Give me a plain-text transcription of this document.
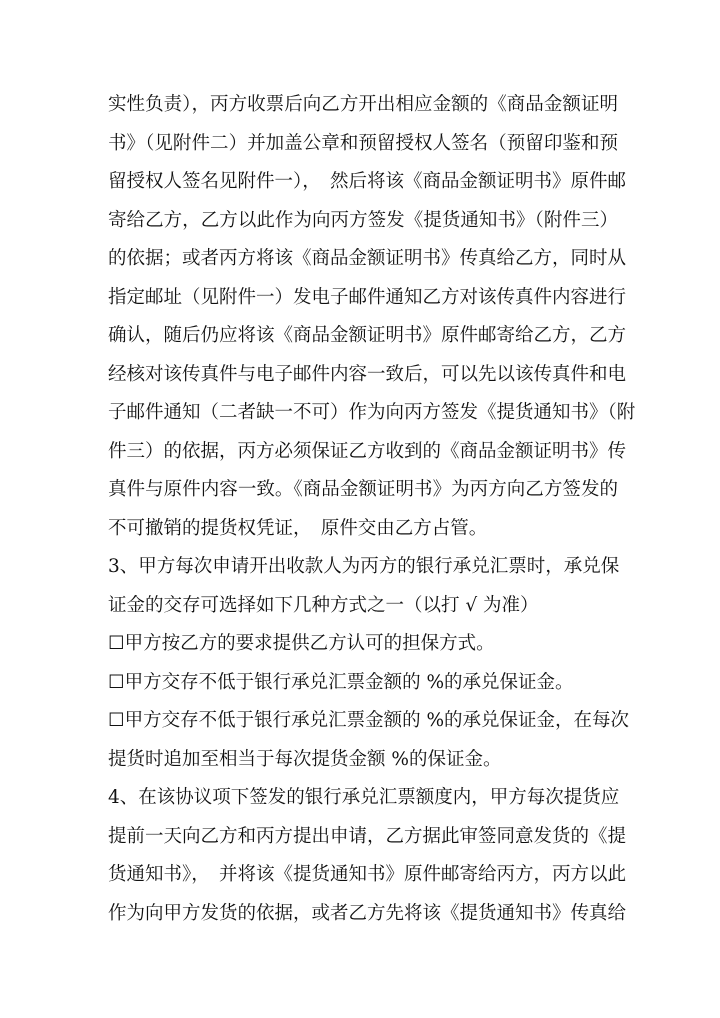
实性负责），丙方收票后向乙方开出相应金额的《商品金额证明
书》（见附件二）并加盖公章和预留授权人签名（预留印鉴和预
留授权人签名见附件一），　然后将该《商品金额证明书》原件邮
寄给乙方，乙方以此作为向丙方签发《提货通知书》（附件三）
的依据；或者丙方将该《商品金额证明书》传真给乙方，同时从
指定邮址（见附件一）发电子邮件通知乙方对该传真件内容进行
确认，随后仍应将该《商品金额证明书》原件邮寄给乙方，乙方
经核对该传真件与电子邮件内容一致后，可以先以该传真件和电
子邮件通知（二者缺一不可）作为向丙方签发《提货通知书》（附
件三）的依据，丙方必须保证乙方收到的《商品金额证明书》传
真件与原件内容一致。《商品金额证明书》为丙方向乙方签发的
不可撤销的提货权凭证，　原件交由乙方占管。
3、甲方每次申请开出收款人为丙方的银行承兑汇票时，承兑保
证金的交存可选择如下几种方式之一（以打 √ 为准）
☐甲方按乙方的要求提供乙方认可的担保方式。
☐甲方交存不低于银行承兑汇票金额的 %的承兑保证金。
☐甲方交存不低于银行承兑汇票金额的 %的承兑保证金，在每次
提货时追加至相当于每次提货金额 %的保证金。
4、在该协议项下签发的银行承兑汇票额度内，甲方每次提货应
提前一天向乙方和丙方提出申请，乙方据此审签同意发货的《提
货通知书》，　并将该《提货通知书》原件邮寄给丙方，丙方以此
作为向甲方发货的依据，或者乙方先将该《提货通知书》传真给
